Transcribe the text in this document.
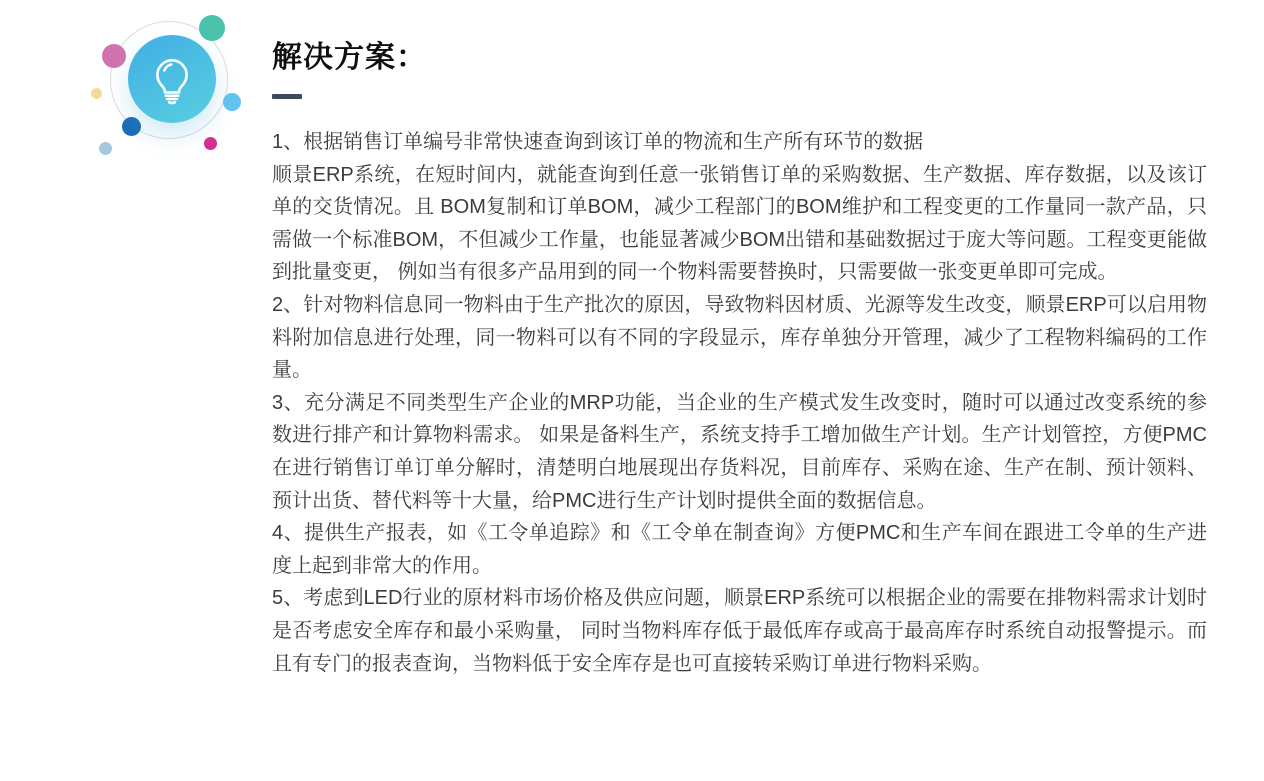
解决方案：

1、根据销售订单编号非常快速查询到该订单的物流和生产所有环节的数据

顺景ERP系统，在短时间内，就能查询到任意一张销售订单的采购数据、生产数据、库存数据，以及该订单的交货情况。且 BOM复制和订单BOM，减少工程部门的BOM维护和工程变更的工作量同一款产品，只需做一个标准BOM，不但减少工作量，也能显著减少BOM出错和基础数据过于庞大等问题。工程变更能做到批量变更， 例如当有很多产品用到的同一个物料需要替换时，只需要做一张变更单即可完成。

2、针对物料信息同一物料由于生产批次的原因，导致物料因材质、光源等发生改变，顺景ERP可以启用物料附加信息进行处理，同一物料可以有不同的字段显示，库存单独分开管理，减少了工程物料编码的工作量。

3、充分满足不同类型生产企业的MRP功能，当企业的生产模式发生改变时，随时可以通过改变系统的参数进行排产和计算物料需求。 如果是备料生产，系统支持手工增加做生产计划。生产计划管控，方便PMC在进行销售订单订单分解时，清楚明白地展现出存货料况，目前库存、采购在途、生产在制、预计领料、预计出货、替代料等十大量，给PMC进行生产计划时提供全面的数据信息。

4、提供生产报表，如《工令单追踪》和《工令单在制查询》方便PMC和生产车间在跟进工令单的生产进度上起到非常大的作用。

5、考虑到LED行业的原材料市场价格及供应问题，顺景ERP系统可以根据企业的需要在排物料需求计划时是否考虑安全库存和最小采购量， 同时当物料库存低于最低库存或高于最高库存时系统自动报警提示。而且有专门的报表查询，当物料低于安全库存是也可直接转采购订单进行物料采购。
